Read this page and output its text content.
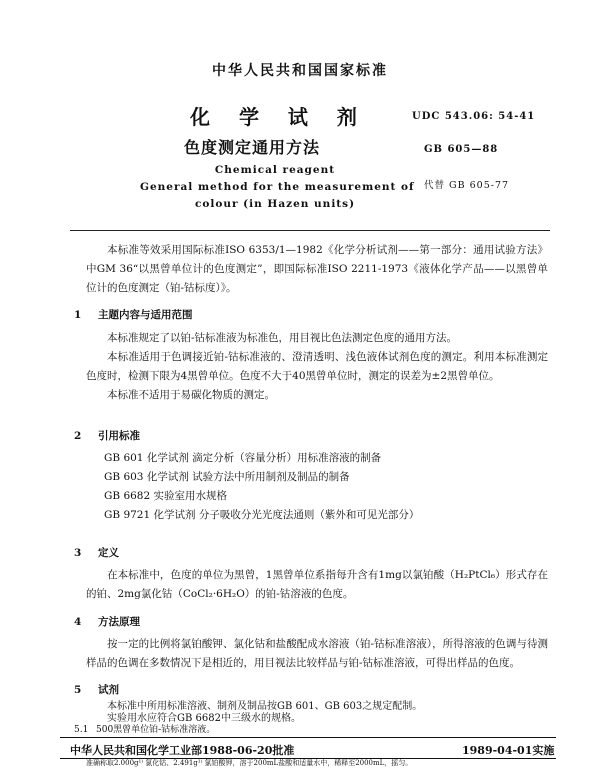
中华人民共和国国家标准

化 学 试 剂

色度测定通用方法

UDC 543.06: 54-41

GB 605—88

Chemical reagent

General method for the measurement of

colour (in Hazen units)

代替 GB 605-77

本标准等效采用国际标准ISO 6353/1—1982《化学分析试剂——第一部分：通用试验方法》中GM 36“以黑曾单位计的色度测定”，即国际标准ISO 2211-1973《液体化学产品——以黑曾单位计的色度测定（铂-钴标度）》。

1 主题内容与适用范围

本标准规定了以铂-钴标准液为标准色，用目视比色法测定色度的通用方法。

本标准适用于色调接近铂-钴标准液的、澄清透明、浅色液体试剂色度的测定。利用本标准测定色度时，检测下限为4黑曾单位。色度不大于40黑曾单位时，测定的误差为±2黑曾单位。

本标准不适用于易碳化物质的测定。

2 引用标准

GB 601 化学试剂 滴定分析（容量分析）用标准溶液的制备

GB 603 化学试剂 试验方法中所用制剂及制品的制备

GB 6682 实验室用水规格

GB 9721 化学试剂 分子吸收分光光度法通则（紫外和可见光部分）

3 定义

在本标准中，色度的单位为黑曾，1黑曾单位系指每升含有1mg以氯铂酸（H₂PtCl₆）形式存在的铂、2mg氯化钴（CoCl₂·6H₂O）的铂-钴溶液的色度。

4 方法原理

按一定的比例将氯铂酸钾、氯化钴和盐酸配成水溶液（铂-钴标准溶液），所得溶液的色调与待测样品的色调在多数情况下是相近的，用目视法比较样品与铂-钴标准溶液，可得出样品的色度。

5 试剂

本标准中所用标准溶液、制剂及制品按GB 601、GB 603之规定配制。

实验用水应符合GB 6682中三级水的规格。

5.1 500黑曾单位铂-钴标准溶液。

中华人民共和国化学工业部1988-06-20批准	1989-04-01实施

准确称取2.000g¹⁾ 氯化钴、2.491g¹⁾ 氯铂酸钾，溶于200mL盐酸和适量水中，稀释至2000mL，摇匀。
